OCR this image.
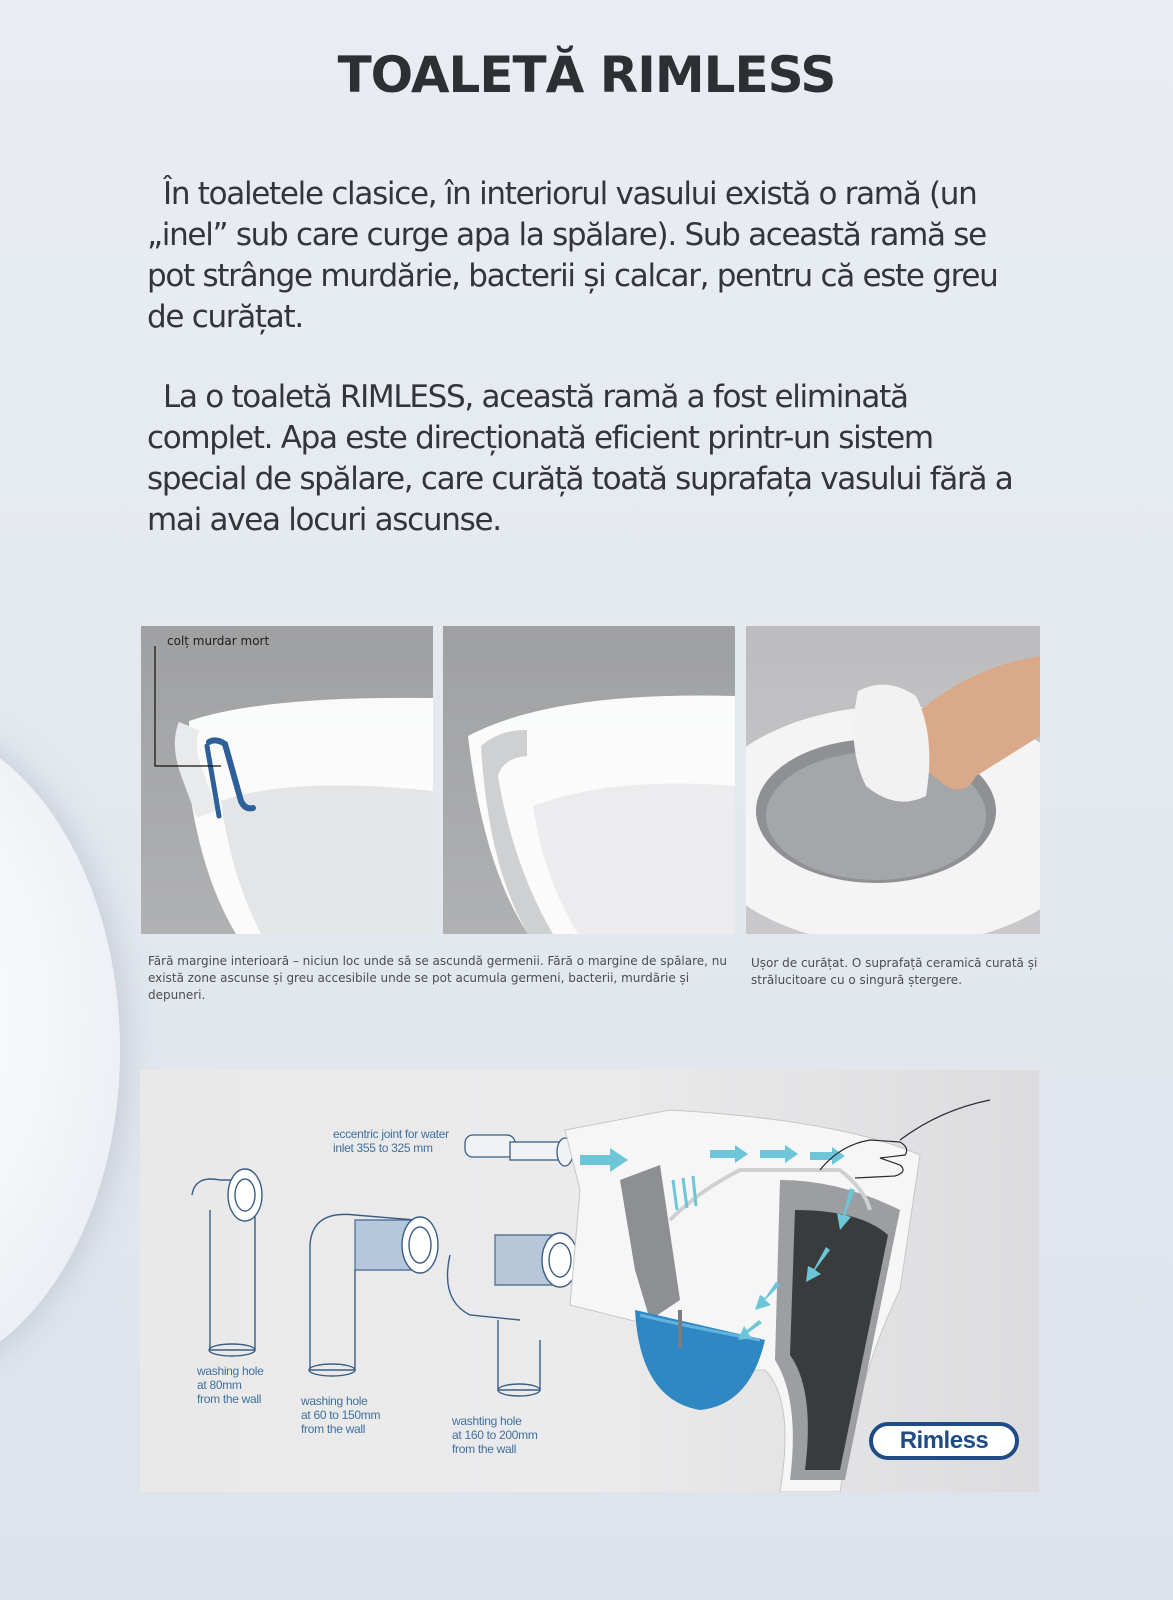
TOALETĂ RIMLESS

În toaletele clasice, în interiorul vasului există o ramă (un „inel” sub care curge apa la spălare). Sub această ramă se pot strânge murdărie, bacterii și calcar, pentru că este greu de curățat.

La o toaletă RIMLESS, această ramă a fost eliminată complet. Apa este direcționată eficient printr-un sistem special de spălare, care curăță toată suprafața vasului fără a mai avea locuri ascunse.

colț murdar mort

Fără margine interioară – niciun loc unde să se ascundă germenii. Fără o margine de spălare, nu există zone ascunse și greu accesibile unde se pot acumula germeni, bacterii, murdărie și depuneri.

Ușor de curățat. O suprafață ceramică curată și strălucitoare cu o singură ștergere.

eccentric joint for water
inlet 355 to 325 mm

washing hole
at 80mm
from the wall	washing hole
at 60 to 150mm
from the wall

washting hole
at 160 to 200mm
from the wall	Rimless
